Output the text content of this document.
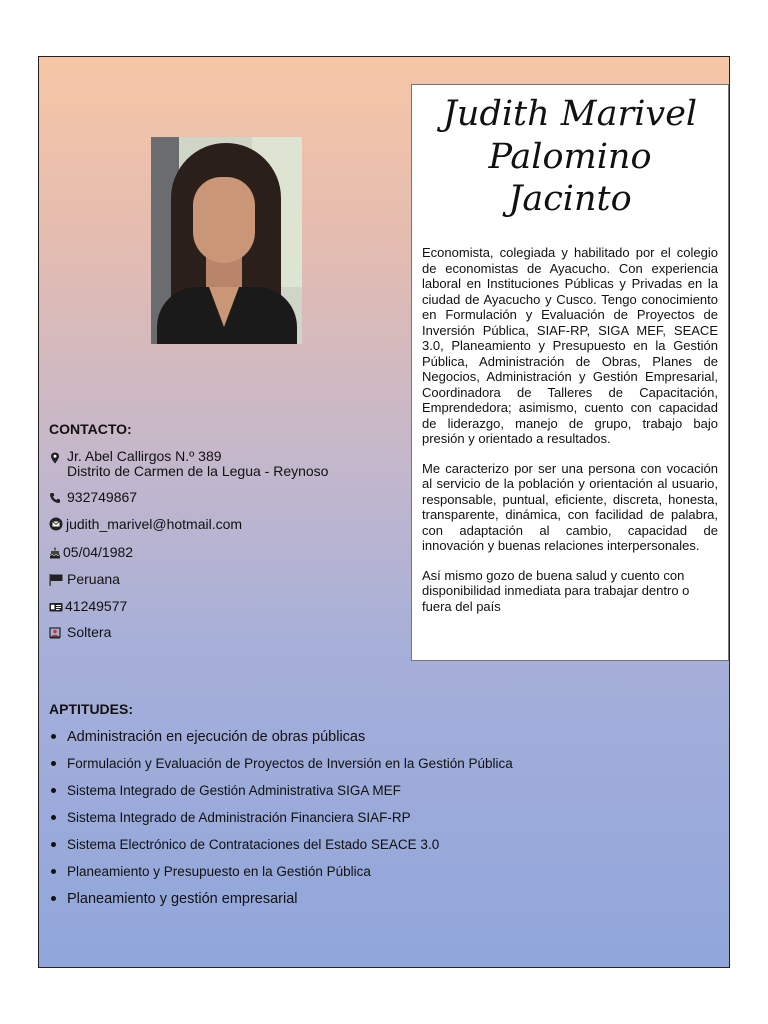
Judith Marivel
Palomino Jacinto

Economista, colegiada y habilitado por el colegio de economistas de Ayacucho. Con experiencia laboral en Instituciones Públicas y Privadas en la ciudad de Ayacucho y Cusco. Tengo conocimiento en Formulación y Evaluación de Proyectos de Inversión Pública, SIAF-RP, SIGA MEF, SEACE 3.0, Planeamiento y Presupuesto en la Gestión Pública, Administración de Obras, Planes de Negocios, Administración y Gestión Empresarial, Coordinadora de Talleres de Capacitación, Emprendedora; asimismo, cuento con capacidad de liderazgo, manejo de grupo, trabajo bajo presión y orientado a resultados.

Me caracterizo por ser una persona con vocación al servicio de la población y orientación al usuario, responsable, puntual, eficiente, discreta, honesta, transparente, dinámica, con facilidad de palabra, con adaptación al cambio, capacidad de innovación y buenas relaciones interpersonales.

Así mismo gozo de buena salud y cuento con disponibilidad inmediata para trabajar dentro o fuera del país

CONTACTO:
Jr. Abel Callirgos N.º 389
Distrito de Carmen de la Legua - Reynoso
932749867
judith_marivel@hotmail.com
05/04/1982
Peruana
41249577
Soltera
APTITUDES:
Administración en ejecución de obras públicas
Formulación y Evaluación de Proyectos de Inversión en la Gestión Pública
Sistema Integrado de Gestión Administrativa SIGA MEF
Sistema Integrado de Administración Financiera SIAF-RP
Sistema Electrónico de Contrataciones del Estado SEACE 3.0
Planeamiento y Presupuesto en la Gestión Pública
Planeamiento y gestión empresarial
